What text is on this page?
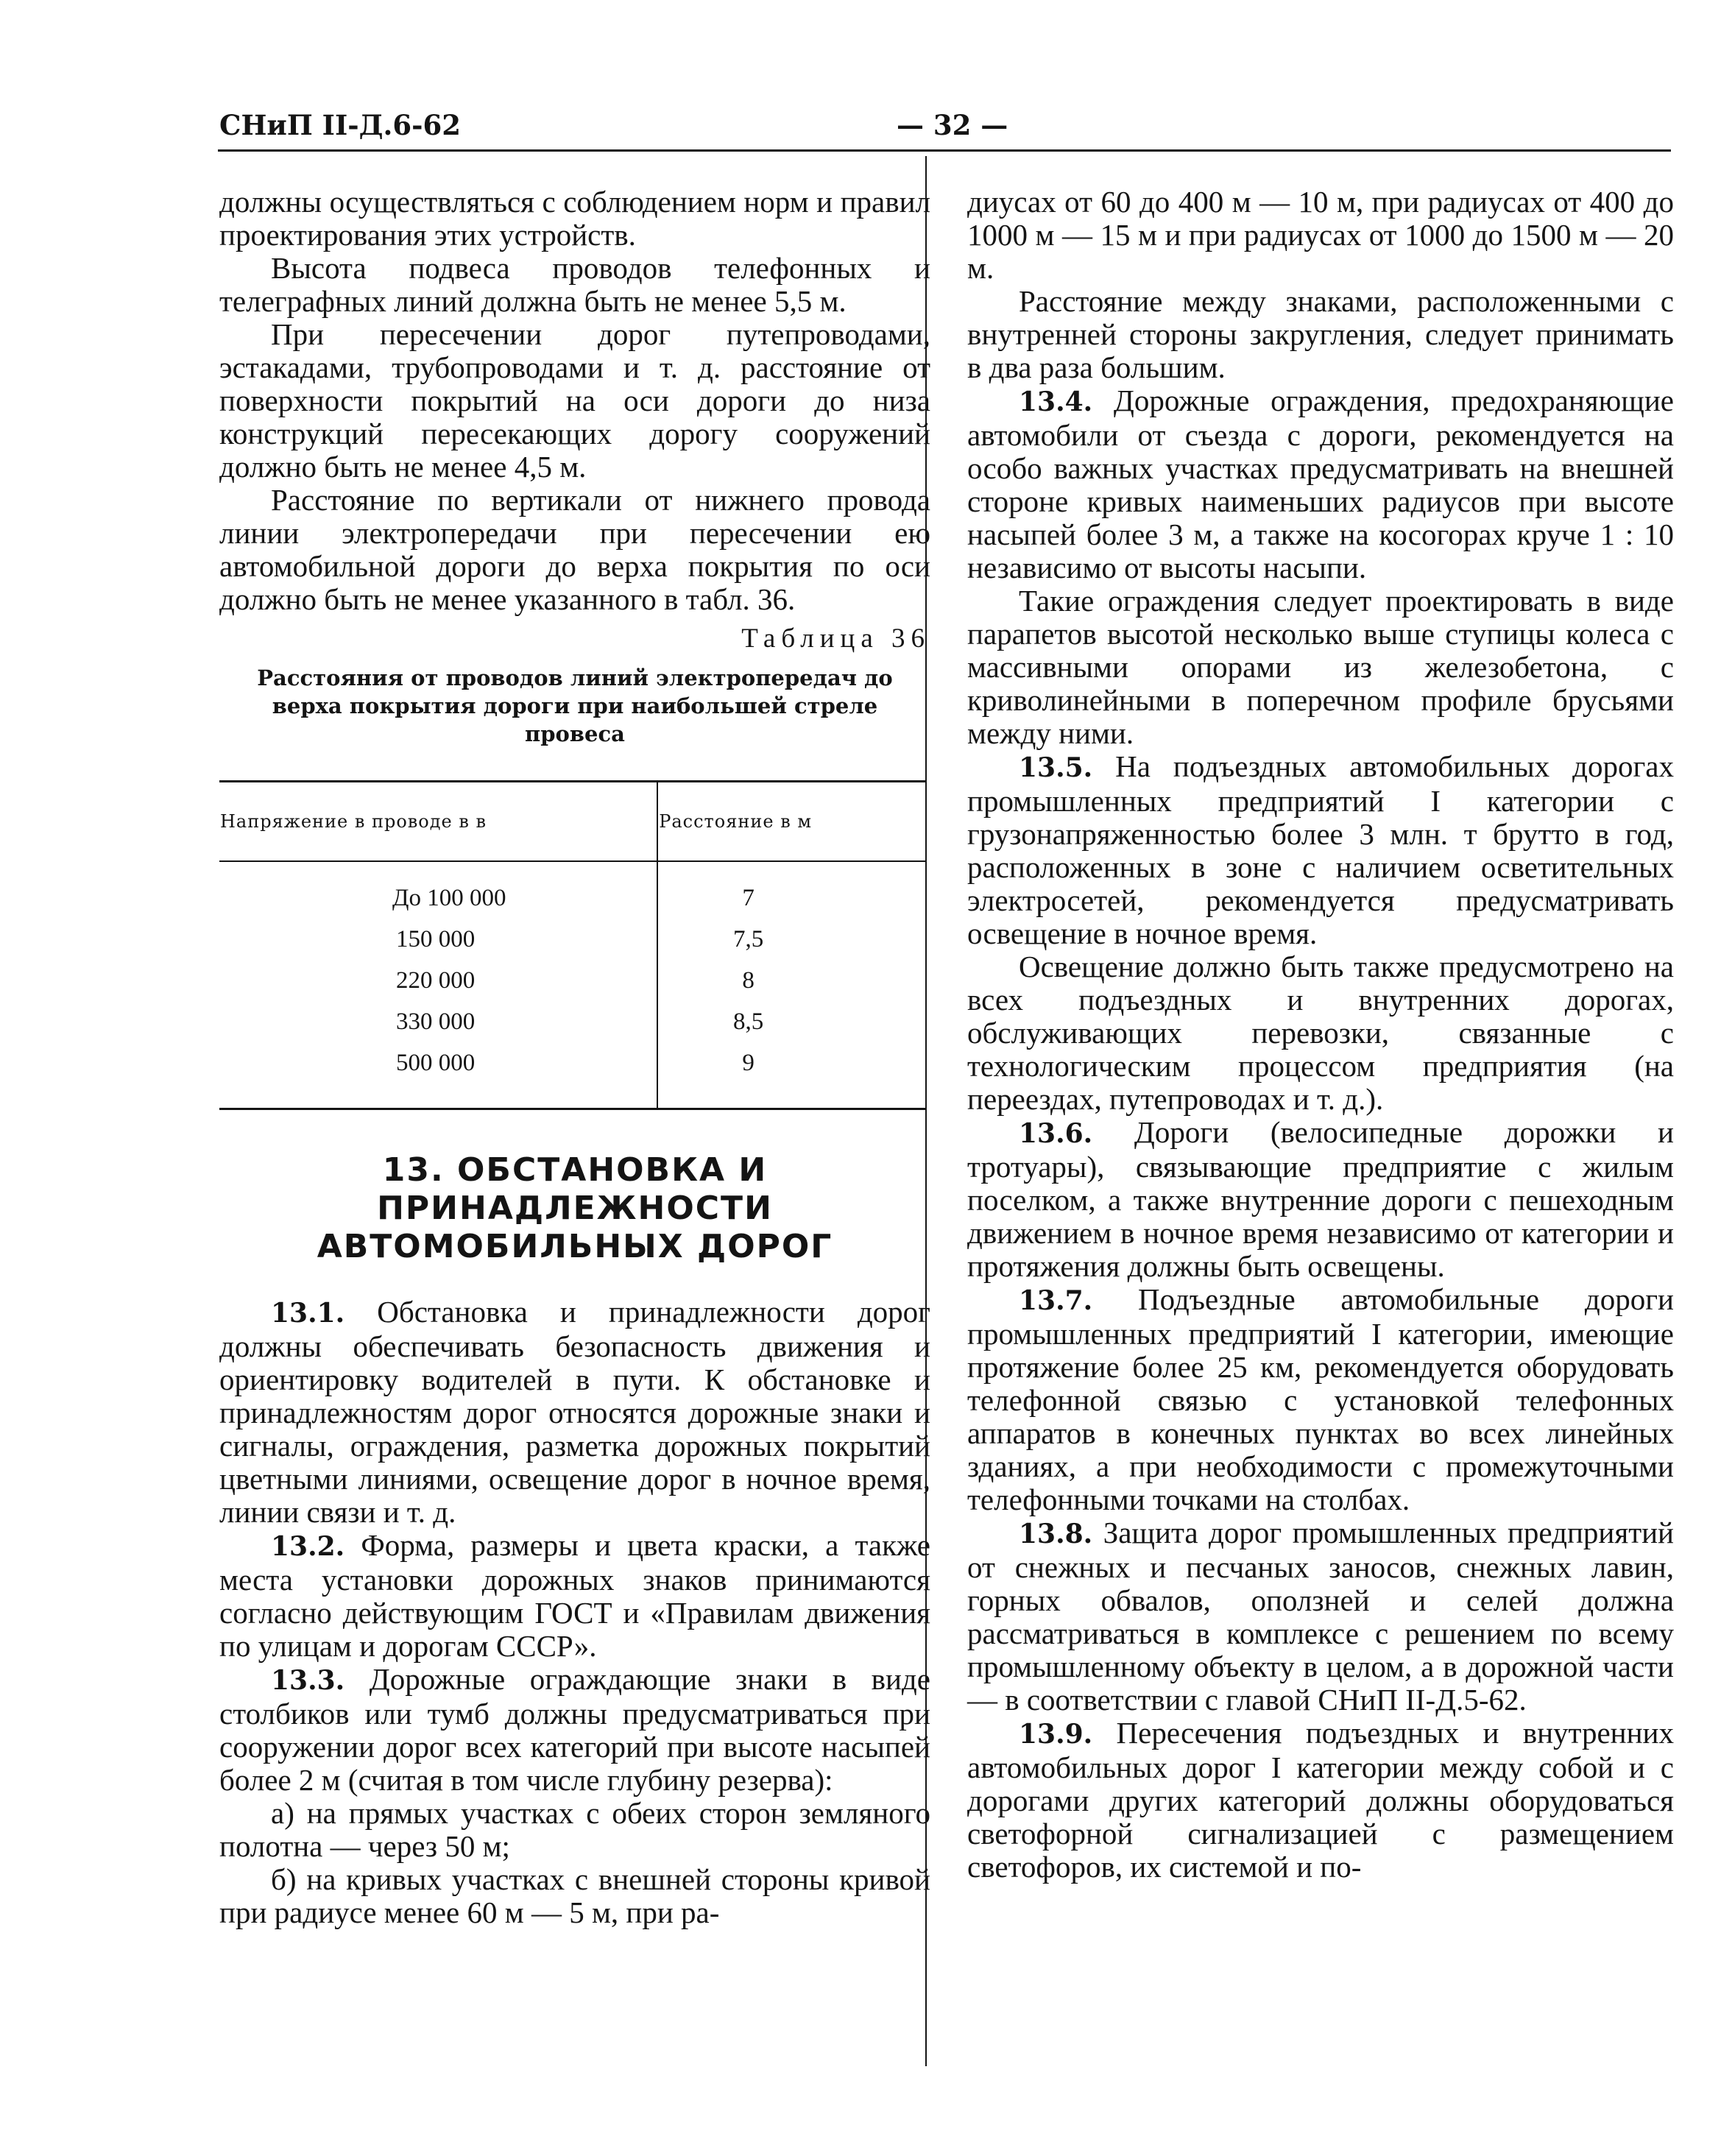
СНиП II-Д.6-62	— 32 —

должны осуществляться с соблюдением норм и правил проектирования этих устройств.

Высота подвеса проводов телефонных и телеграфных линий должна быть не менее 5,5 м.

При пересечении дорог путепроводами, эстакадами, трубопроводами и т. д. расстояние от поверхности покрытий на оси дороги до низа конструкций пересекающих дорогу сооружений должно быть не менее 4,5 м.

Расстояние по вертикали от нижнего провода линии электропередачи при пересечении ею автомобильной дороги до верха покрытия по оси должно быть не менее указанного в табл. 36.

Таблица 36
Расстояния от проводов линий электропередач до верха покрытия дороги при наибольшей стреле провеса
Напряжение в проводе в в	Расстояние в м
До 100 000	7
150 000	7,5
220 000	8
330 000	8,5
500 000	9
13. ОБСТАНОВКА И ПРИНАДЛЕЖНОСТИ АВТОМОБИЛЬНЫХ ДОРОГ

13.1. Обстановка и принадлежности дорог должны обеспечивать безопасность движения и ориентировку водителей в пути. К обстановке и принадлежностям дорог относятся дорожные знаки и сигналы, ограждения, разметка дорожных покрытий цветными линиями, освещение дорог в ночное время, линии связи и т. д.

13.2. Форма, размеры и цвета краски, а также места установки дорожных знаков принимаются согласно действующим ГОСТ и «Правилам движения по улицам и дорогам СССР».

13.3. Дорожные ограждающие знаки в виде столбиков или тумб должны предусматриваться при сооружении дорог всех категорий при высоте насыпей более 2 м (считая в том числе глубину резерва):

а) на прямых участках с обеих сторон земляного полотна — через 50 м;

б) на кривых участках с внешней стороны кривой при радиусе менее 60 м — 5 м, при ра-

диусах от 60 до 400 м — 10 м, при радиусах от 400 до 1000 м — 15 м и при радиусах от 1000 до 1500 м — 20 м.

Расстояние между знаками, расположенными с внутренней стороны закругления, следует принимать в два раза большим.

13.4. Дорожные ограждения, предохраняющие автомобили от съезда с дороги, рекомендуется на особо важных участках предусматривать на внешней стороне кривых наименьших радиусов при высоте насыпей более 3 м, а также на косогорах круче 1 : 10 независимо от высоты насыпи.

Такие ограждения следует проектировать в виде парапетов высотой несколько выше ступицы колеса с массивными опорами из железобетона, с криволинейными в поперечном профиле брусьями между ними.

13.5. На подъездных автомобильных дорогах промышленных предприятий I категории с грузонапряженностью более 3 млн. т брутто в год, расположенных в зоне с наличием осветительных электросетей, рекомендуется предусматривать освещение в ночное время.

Освещение должно быть также предусмотрено на всех подъездных и внутренних дорогах, обслуживающих перевозки, связанные с технологическим процессом предприятия (на переездах, путепроводах и т. д.).

13.6. Дороги (велосипедные дорожки и тротуары), связывающие предприятие с жилым поселком, а также внутренние дороги с пешеходным движением в ночное время независимо от категории и протяжения должны быть освещены.

13.7. Подъездные автомобильные дороги промышленных предприятий I категории, имеющие протяжение более 25 км, рекомендуется оборудовать телефонной связью с установкой телефонных аппаратов в конечных пунктах во всех линейных зданиях, а при необходимости с промежуточными телефонными точками на столбах.

13.8. Защита дорог промышленных предприятий от снежных и песчаных заносов, снежных лавин, горных обвалов, оползней и селей должна рассматриваться в комплексе с решением по всему промышленному объекту в целом, а в дорожной части — в соответствии с главой СНиП II-Д.5-62.

13.9. Пересечения подъездных и внутренних автомобильных дорог I категории между собой и с дорогами других категорий должны оборудоваться светофорной сигнализацией с размещением светофоров, их системой и по-
